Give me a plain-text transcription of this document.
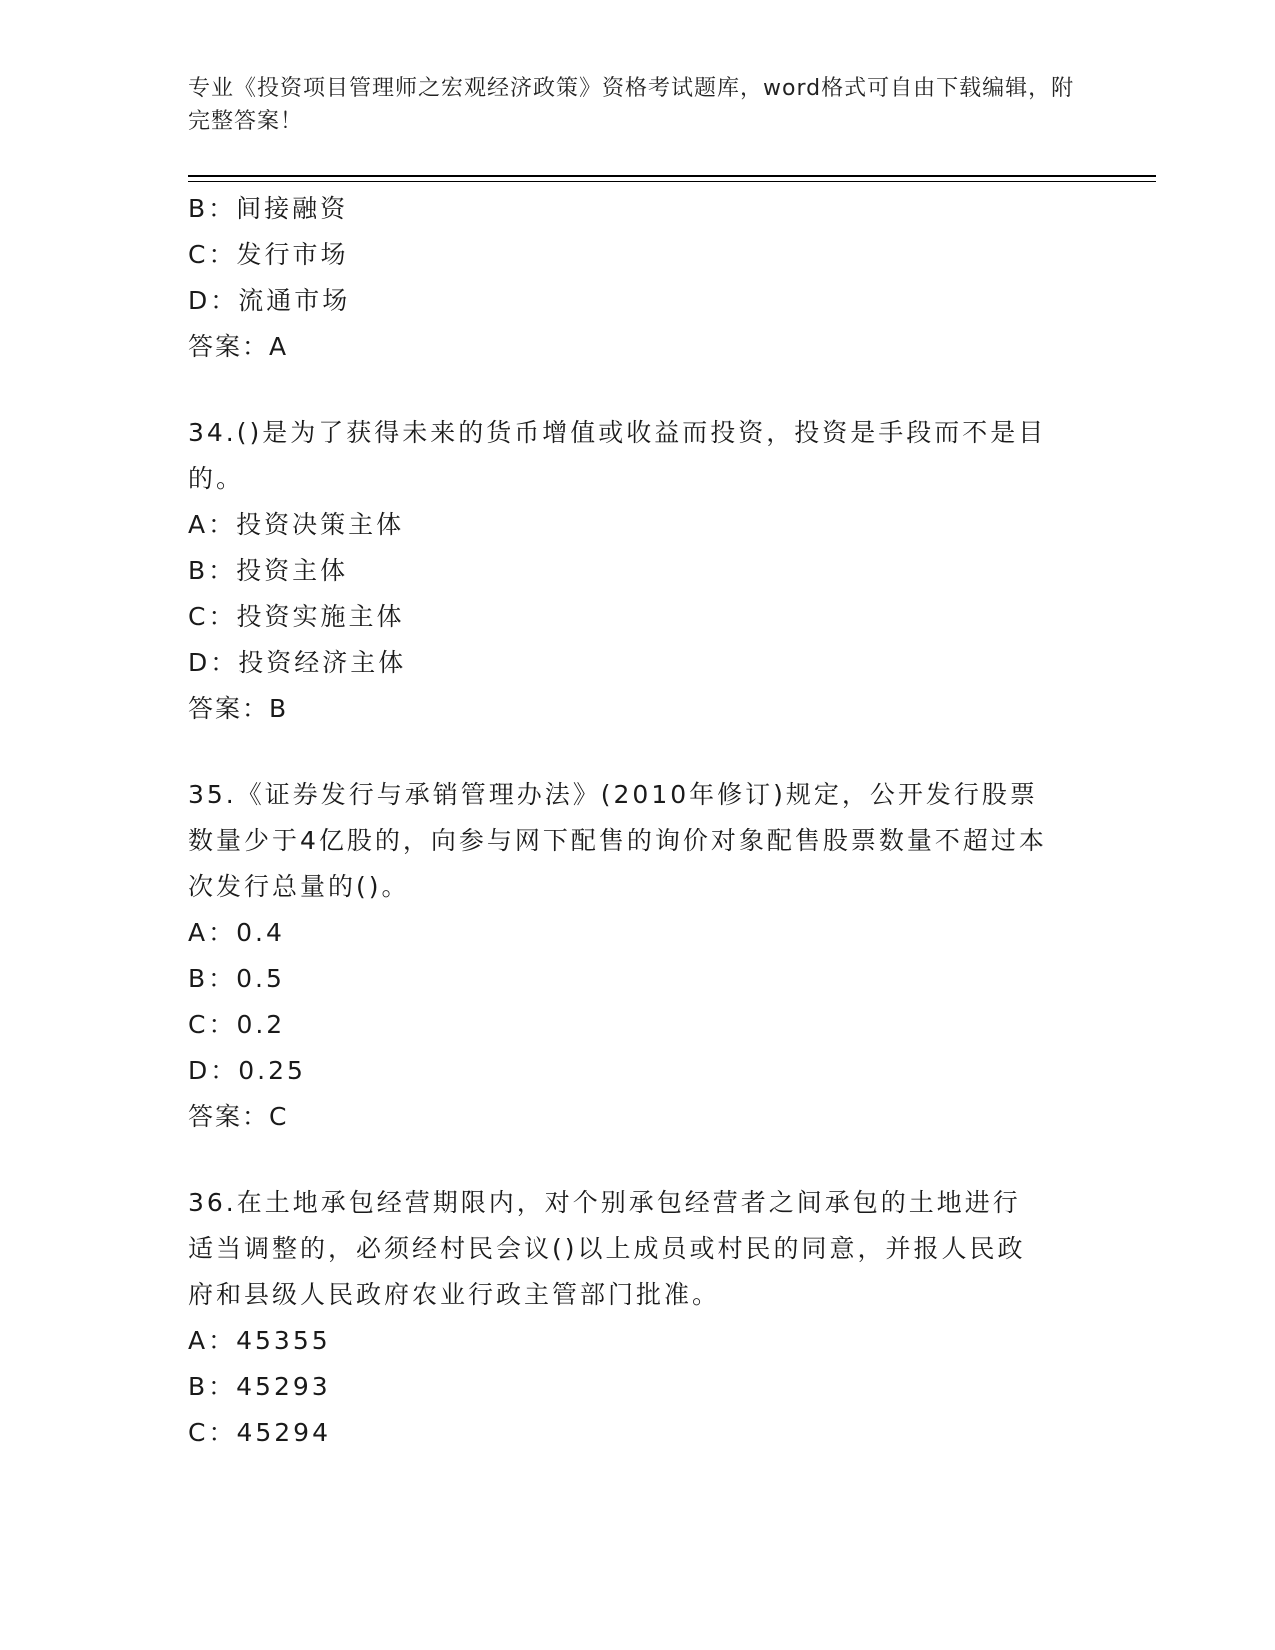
专业《投资项目管理师之宏观经济政策》资格考试题库，word格式可自由下载编辑，附完整答案！
B：间接融资
C：发行市场
D：流通市场
答案：A
34.()是为了获得未来的货币增值或收益而投资，投资是手段而不是目的。
A：投资决策主体
B：投资主体
C：投资实施主体
D：投资经济主体
答案：B
35.《证券发行与承销管理办法》(2010年修订)规定，公开发行股票数量少于4亿股的，向参与网下配售的询价对象配售股票数量不超过本次发行总量的()。
A：0.4
B：0.5
C：0.2
D：0.25
答案：C
36.在土地承包经营期限内，对个别承包经营者之间承包的土地进行适当调整的，必须经村民会议()以上成员或村民的同意，并报人民政府和县级人民政府农业行政主管部门批准。
A：45355
B：45293
C：45294
